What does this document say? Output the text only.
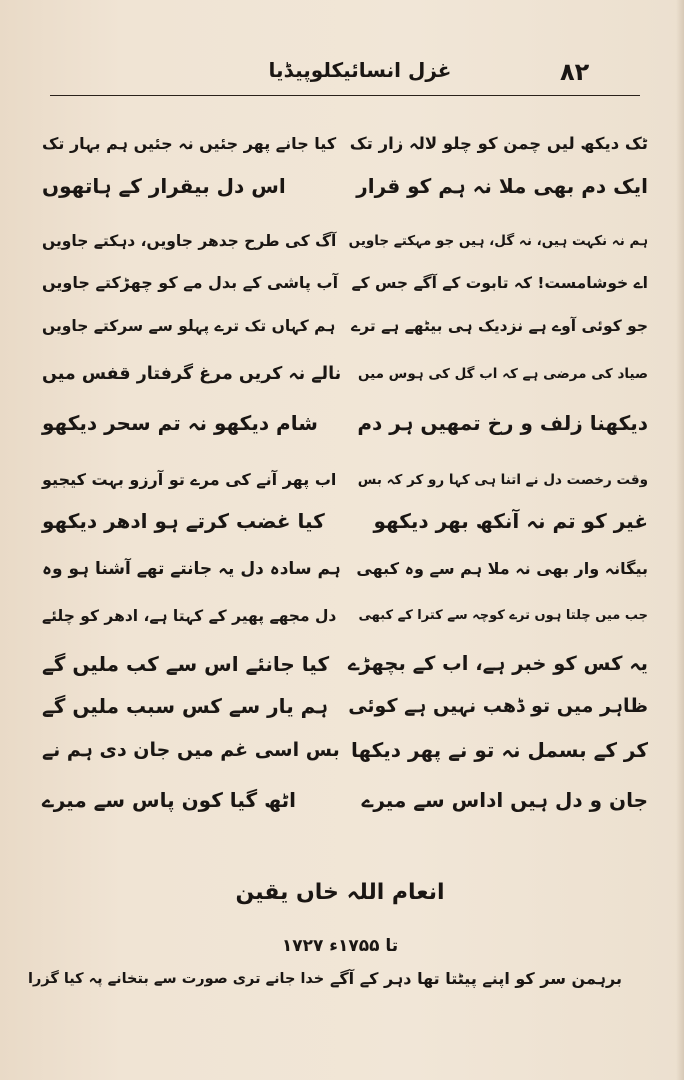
۸۲
غزل انسائیکلوپیڈیا
ٹک دیکھ لیں چمن کو چلو لالہ زار تک
کیا جانے پھر جئیں نہ جئیں ہم بہار تک
ایک دم بھی ملا نہ ہم کو قرار
اس دل بیقرار کے ہاتھوں
ہم نہ نکہت ہیں، نہ گل، ہیں جو مہکتے جاویں
آگ کی طرح جدھر جاویں، دہکتے جاویں
اے خوشامست! کہ تابوت کے آگے جس کے
آب پاشی کے بدل مے کو چھڑکتے جاویں
جو کوئی آوے ہے نزدیک ہی بیٹھے ہے ترے
ہم کہاں تک ترے پہلو سے سرکتے جاویں
صیاد کی مرضی ہے کہ اب گل کی ہوس میں
نالے نہ کریں مرغ گرفتار قفس میں
دیکھنا زلف و رخ تمھیں ہر دم
شام دیکھو نہ تم سحر دیکھو
وقت رخصت دل نے اتنا ہی کہا رو کر کہ بس
اب پھر آنے کی مرے تو آرزو بہت کیجیو
غیر کو تم نہ آنکھ بھر دیکھو
کیا غضب کرتے ہو ادھر دیکھو
بیگانہ وار بھی نہ ملا ہم سے وہ کبھی
ہم سادہ دل یہ جانتے تھے آشنا ہو وہ
جب میں چلتا ہوں ترے کوچہ سے کترا کے کبھی
دل مجھے پھیر کے کہتا ہے، ادھر کو چلئے
یہ کس کو خبر ہے، اب کے بچھڑے
کیا جانئے اس سے کب ملیں گے
ظاہر میں تو ڈھب نہیں ہے کوئی
ہم یار سے کس سبب ملیں گے
کر کے بسمل نہ تو نے پھر دیکھا
بس اسی غم میں جان دی ہم نے
جان و دل ہیں اداس سے میرے
اٹھ گیا کون پاس سے میرے
انعام اللہ خاں یقین
۱۷۲۷ تا ۱۷۵۵ء
برہمن سر کو اپنے پیٹتا تھا دہر کے آگے
خدا جانے تری صورت سے بتخانے پہ کیا گزرا
